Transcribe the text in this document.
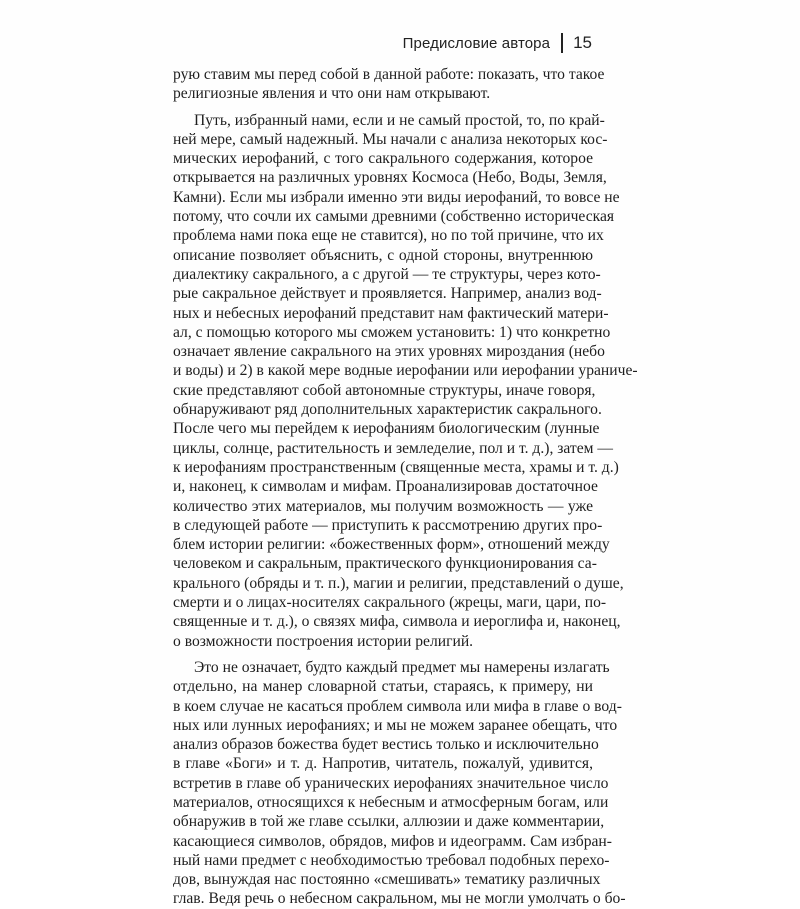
Предисловие автора 15
рую ставим мы перед собой в данной работе: показать, что такое
религиозные явления и что они нам открывают.
Путь, избранный нами, если и не самый простой, то, по край-
ней мере, самый надежный. Мы начали с анализа некоторых кос-
мических иерофаний, с того сакрального содержания, которое
открывается на различных уровнях Космоса (Небо, Воды, Земля,
Камни). Если мы избрали именно эти виды иерофаний, то вовсе не
потому, что сочли их самыми древними (собственно историческая
проблема нами пока еще не ставится), но по той причине, что их
описание позволяет объяснить, с одной стороны, внутреннюю
диалектику сакрального, а с другой — те структуры, через кото-
рые сакральное действует и проявляется. Например, анализ вод-
ных и небесных иерофаний представит нам фактический матери-
ал, с помощью которого мы сможем установить: 1) что конкретно
означает явление сакрального на этих уровнях мироздания (небо
и воды) и 2) в какой мере водные иерофании или иерофании ураниче-
ские представляют собой автономные структуры, иначе говоря,
обнаруживают ряд дополнительных характеристик сакрального.
После чего мы перейдем к иерофаниям биологическим (лунные
циклы, солнце, растительность и земледелие, пол и т. д.), затем —
к иерофаниям пространственным (священные места, храмы и т. д.)
и, наконец, к символам и мифам. Проанализировав достаточное
количество этих материалов, мы получим возможность — уже
в следующей работе — приступить к рассмотрению других про-
блем истории религии: «божественных форм», отношений между
человеком и сакральным, практического функционирования са-
крального (обряды и т. п.), магии и религии, представлений о душе,
смерти и о лицах-носителях сакрального (жрецы, маги, цари, по-
священные и т. д.), о связях мифа, символа и иероглифа и, наконец,
о возможности построения истории религий.
Это не означает, будто каждый предмет мы намерены излагать
отдельно, на манер словарной статьи, стараясь, к примеру, ни
в коем случае не касаться проблем символа или мифа в главе о вод-
ных или лунных иерофаниях; и мы не можем заранее обещать, что
анализ образов божества будет вестись только и исключительно
в главе «Боги» и т. д. Напротив, читатель, пожалуй, удивится,
встретив в главе об уранических иерофаниях значительное число
материалов, относящихся к небесным и атмосферным богам, или
обнаружив в той же главе ссылки, аллюзии и даже комментарии,
касающиеся символов, обрядов, мифов и идеограмм. Сам избран-
ный нами предмет с необходимостью требовал подобных перехо-
дов, вынуждая нас постоянно «смешивать» тематику различных
глав. Ведя речь о небесном сакральном, мы не могли умолчать о бо-
